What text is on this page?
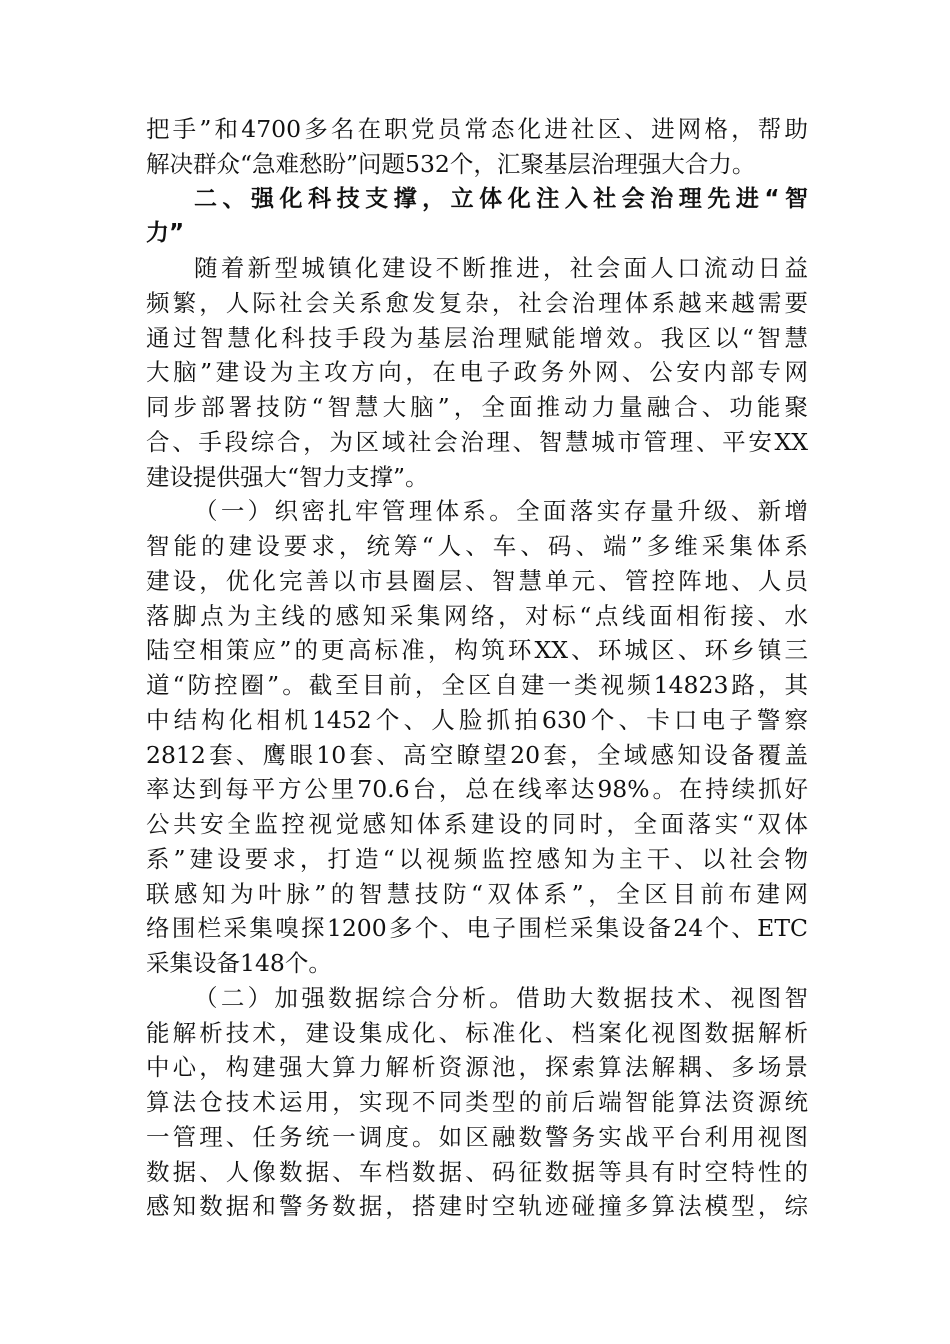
把手”和4700多名在职党员常态化进社区、进网格，帮助
解决群众“急难愁盼”问题532个，汇聚基层治理强大合力。
二、强化科技支撑，立体化注入社会治理先进“智
力”
随着新型城镇化建设不断推进，社会面人口流动日益
频繁，人际社会关系愈发复杂，社会治理体系越来越需要
通过智慧化科技手段为基层治理赋能增效。我区以“智慧
大脑”建设为主攻方向，在电子政务外网、公安内部专网
同步部署技防“智慧大脑”，全面推动力量融合、功能聚
合、手段综合，为区域社会治理、智慧城市管理、平安XX
建设提供强大“智力支撑”。
（一）织密扎牢管理体系。全面落实存量升级、新增
智能的建设要求，统筹“人、车、码、端”多维采集体系
建设，优化完善以市县圈层、智慧单元、管控阵地、人员
落脚点为主线的感知采集网络，对标“点线面相衔接、水
陆空相策应”的更高标准，构筑环XX、环城区、环乡镇三
道“防控圈”。截至目前，全区自建一类视频14823路，其
中结构化相机1452个、人脸抓拍630个、卡口电子警察
2812套、鹰眼10套、高空瞭望20套，全域感知设备覆盖
率达到每平方公里70.6台，总在线率达98%。在持续抓好
公共安全监控视觉感知体系建设的同时，全面落实“双体
系”建设要求，打造“以视频监控感知为主干、以社会物
联感知为叶脉”的智慧技防“双体系”，全区目前布建网
络围栏采集嗅探1200多个、电子围栏采集设备24个、ETC
采集设备148个。
（二）加强数据综合分析。借助大数据技术、视图智
能解析技术，建设集成化、标准化、档案化视图数据解析
中心，构建强大算力解析资源池，探索算法解耦、多场景
算法仓技术运用，实现不同类型的前后端智能算法资源统
一管理、任务统一调度。如区融数警务实战平台利用视图
数据、人像数据、车档数据、码征数据等具有时空特性的
感知数据和警务数据，搭建时空轨迹碰撞多算法模型，综
